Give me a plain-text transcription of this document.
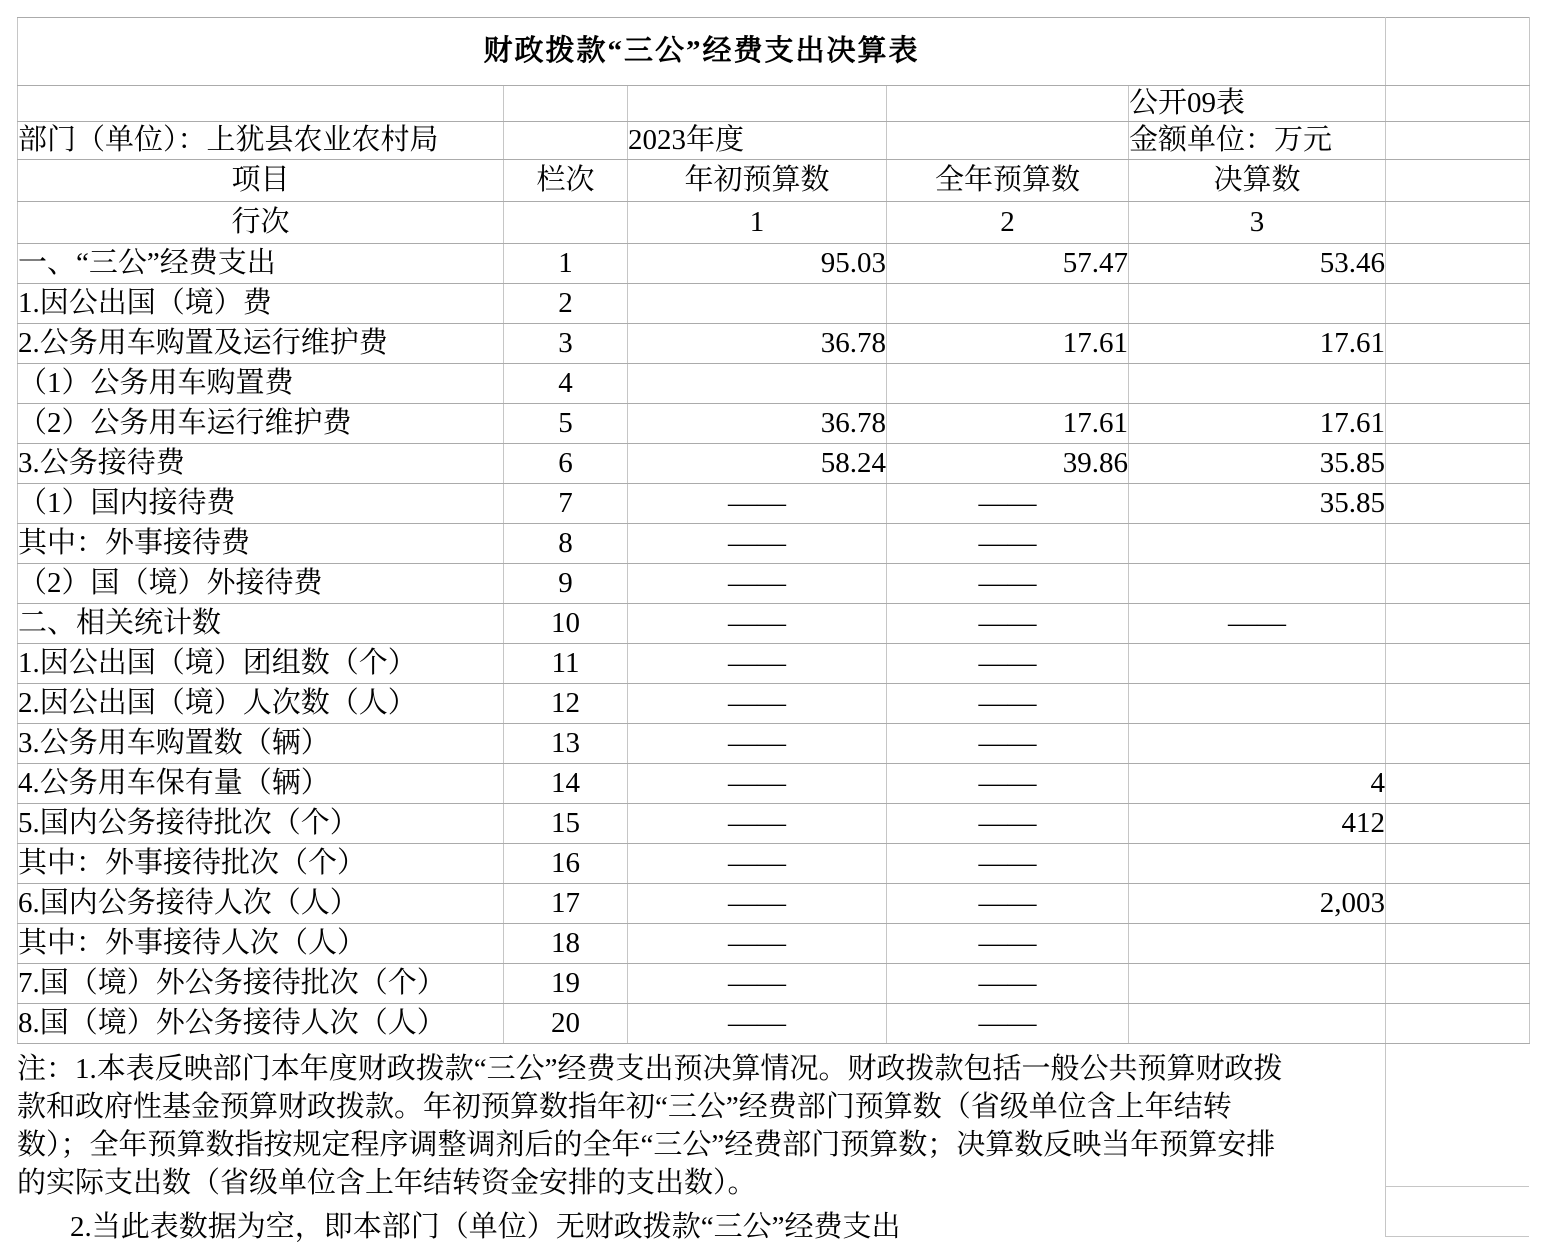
财政拨款“三公”经费支出决算表					
				公开09表	
部门（单位）：上犹县农业农村局		2023年度		金额单位：万元	
项目	栏次	年初预算数	全年预算数	决算数	
行次		1	2	3	
一、“三公”经费支出	1	95.03	57.47	53.46	
1.因公出国（境）费	2				
2.公务用车购置及运行维护费	3	36.78	17.61	17.61	
（1）公务用车购置费	4				
（2）公务用车运行维护费	5	36.78	17.61	17.61	
3.公务接待费	6	58.24	39.86	35.85	
（1）国内接待费	7	——	——	35.85	
其中：外事接待费	8	——	——		
（2）国（境）外接待费	9	——	——		
二、相关统计数	10	——	——	——	
1.因公出国（境）团组数（个）	11	——	——		
2.因公出国（境）人次数（人）	12	——	——		
3.公务用车购置数（辆）	13	——	——		
4.公务用车保有量（辆）	14	——	——	4	
5.国内公务接待批次（个）	15	——	——	412	
其中：外事接待批次（个）	16	——	——		
6.国内公务接待人次（人）	17	——	——	2,003	
其中：外事接待人次（人）	18	——	——		
7.国（境）外公务接待批次（个）	19	——	——		
8.国（境）外公务接待人次（人）	20	——	——		
注：1.本表反映部门本年度财政拨款“三公”经费支出预决算情况。财政拨款包括一般公共预算财政拨
款和政府性基金预算财政拨款。年初预算数指年初“三公”经费部门预算数（省级单位含上年结转
数）；全年预算数指按规定程序调整调剂后的全年“三公”经费部门预算数；决算数反映当年预算安排
的实际支出数（省级单位含上年结转资金安排的支出数）。
2.当此表数据为空，即本部门（单位）无财政拨款“三公”经费支出
